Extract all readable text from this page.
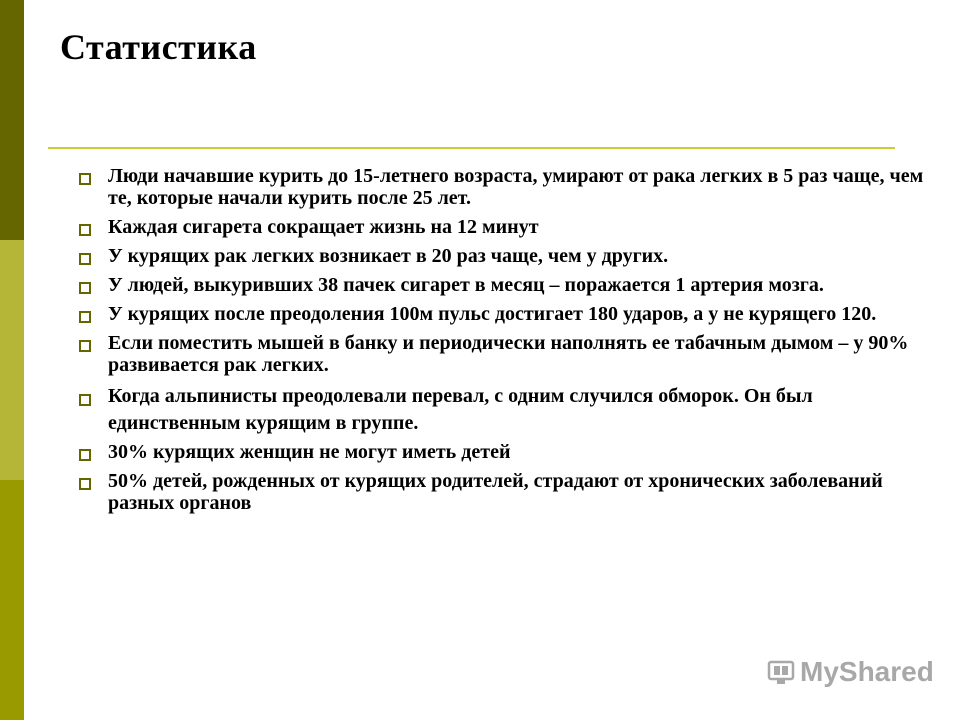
Статистика
Люди начавшие курить до 15-летнего возраста, умирают от рака легких в 5 раз чаще, чем те, которые начали курить после 25 лет.
Каждая сигарета сокращает жизнь на 12 минут
У курящих рак легких возникает в 20 раз чаще, чем у других.
У людей, выкуривших 38 пачек сигарет в месяц – поражается 1 артерия мозга.
У курящих после преодоления 100м пульс достигает 180 ударов, а у не курящего 120.
Если поместить мышей в банку и периодически наполнять ее табачным дымом – у 90% развивается рак легких.
Когда альпинисты преодолевали перевал, с одним случился обморок. Он был единственным курящим в группе.
30% курящих женщин не могут иметь детей
50% детей, рожденных от курящих родителей, страдают от хронических заболеваний разных органов
MyShared
